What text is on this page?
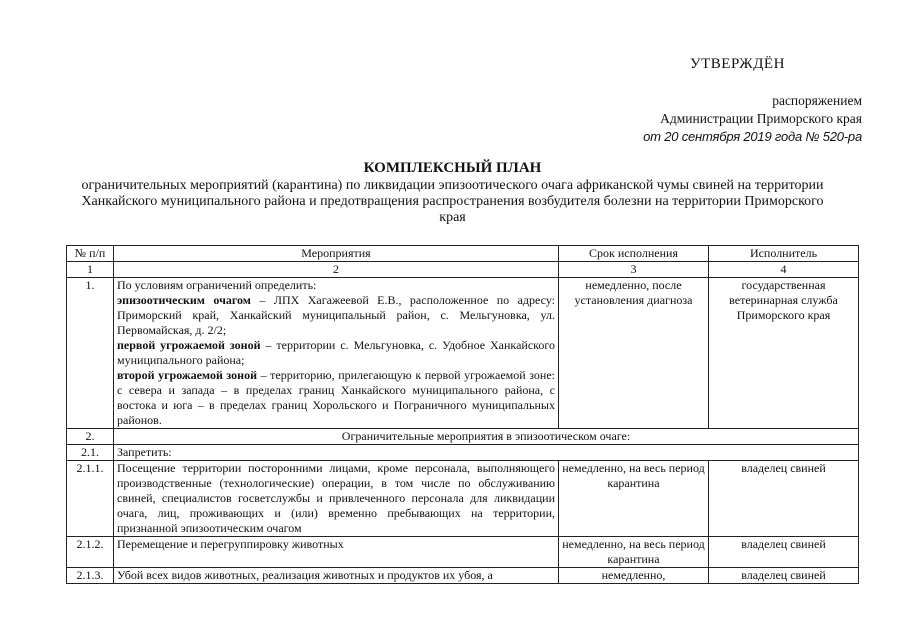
УТВЕРЖДЁН
распоряжением
Администрации Приморского края
от 20 сентября 2019 года № 520-ра
КОМПЛЕКСНЫЙ ПЛАН
ограничительных мероприятий (карантина) по ликвидации эпизоотического очага африканской чумы свиней на территории Ханкайского муниципального района и предотвращения распространения возбудителя болезни на территории Приморского края
№ п/п	Мероприятия	Срок исполнения	Исполнитель
1	2	3	4
1.	По условиям ограничений определить:
эпизоотическим очагом – ЛПХ Хагажеевой Е.В., расположенное по адресу: Приморский край, Ханкайский муниципальный район, с. Мельгуновка, ул. Первомайская, д. 2/2;
первой угрожаемой зоной – территории с. Мельгуновка, с. Удобное Ханкайского муниципального района;
второй угрожаемой зоной – территорию, прилегающую к первой угрожаемой зоне: с севера и запада – в пределах границ Ханкайского муниципального района, с востока и юга – в пределах границ Хорольского и Пограничного муниципальных районов.	немедленно, после установления диагноза	государственная ветеринарная служба Приморского края
2.	Ограничительные мероприятия в эпизоотическом очаге:		
2.1.	Запретить:		
2.1.1.	Посещение территории посторонними лицами, кроме персонала, выполняющего производственные (технологические) операции, в том числе по обслуживанию свиней, специалистов госветслужбы и привлеченного персонала для ликвидации очага, лиц, проживающих и (или) временно пребывающих на территории, признанной эпизоотическим очагом	немедленно, на весь период карантина	владелец свиней
2.1.2.	Перемещение и перегруппировку животных	немедленно, на весь период карантина	владелец свиней
2.1.3.	Убой всех видов животных, реализация животных и продуктов их убоя, а	немедленно,	владелец свиней
